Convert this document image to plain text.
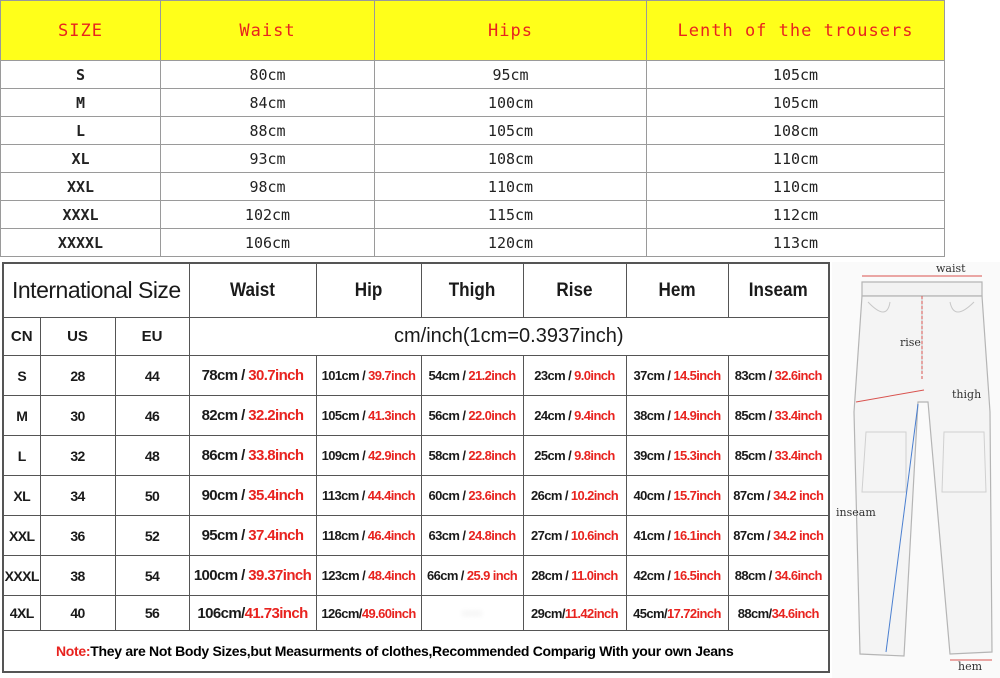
SIZE	Waist	Hips	Lenth of the trousers
S	80cm	95cm	105cm
M	84cm	100cm	105cm
L	88cm	105cm	108cm
XL	93cm	108cm	110cm
XXL	98cm	110cm	110cm
XXXL	102cm	115cm	112cm
XXXXL	106cm	120cm	113cm
International Size			Waist	Hip	Thigh	Rise	Hem	Inseam
CN	US	EU	cm/inch(1cm=0.3937inch)					
S	28	44	78cm / 30.7inch	101cm / 39.7inch	54cm / 21.2inch	23cm / 9.0inch	37cm / 14.5inch	83cm / 32.6inch
M	30	46	82cm / 32.2inch	105cm / 41.3inch	56cm / 22.0inch	24cm / 9.4inch	38cm / 14.9inch	85cm / 33.4inch
L	32	48	86cm / 33.8inch	109cm / 42.9inch	58cm / 22.8inch	25cm / 9.8inch	39cm / 15.3inch	85cm / 33.4inch
XL	34	50	90cm / 35.4inch	113cm / 44.4inch	60cm / 23.6inch	26cm / 10.2inch	40cm / 15.7inch	87cm / 34.2 inch
XXL	36	52	95cm / 37.4inch	118cm / 46.4inch	63cm / 24.8inch	27cm / 10.6inch	41cm / 16.1inch	87cm / 34.2 inch
XXXL	38	54	100cm / 39.37inch	123cm / 48.4inch	66cm / 25.9 inch	28cm / 11.0inch	42cm / 16.5inch	88cm / 34.6inch
4XL	40	56	106cm/41.73inch	126cm/49.60inch	· · ·	29cm/11.42inch	45cm/17.72inch	88cm/34.6inch
Note:They are Not Body Sizes,but Measurments of clothes,Recommended Comparig With your own Jeans								
waist
rise
thigh
inseam
hem
